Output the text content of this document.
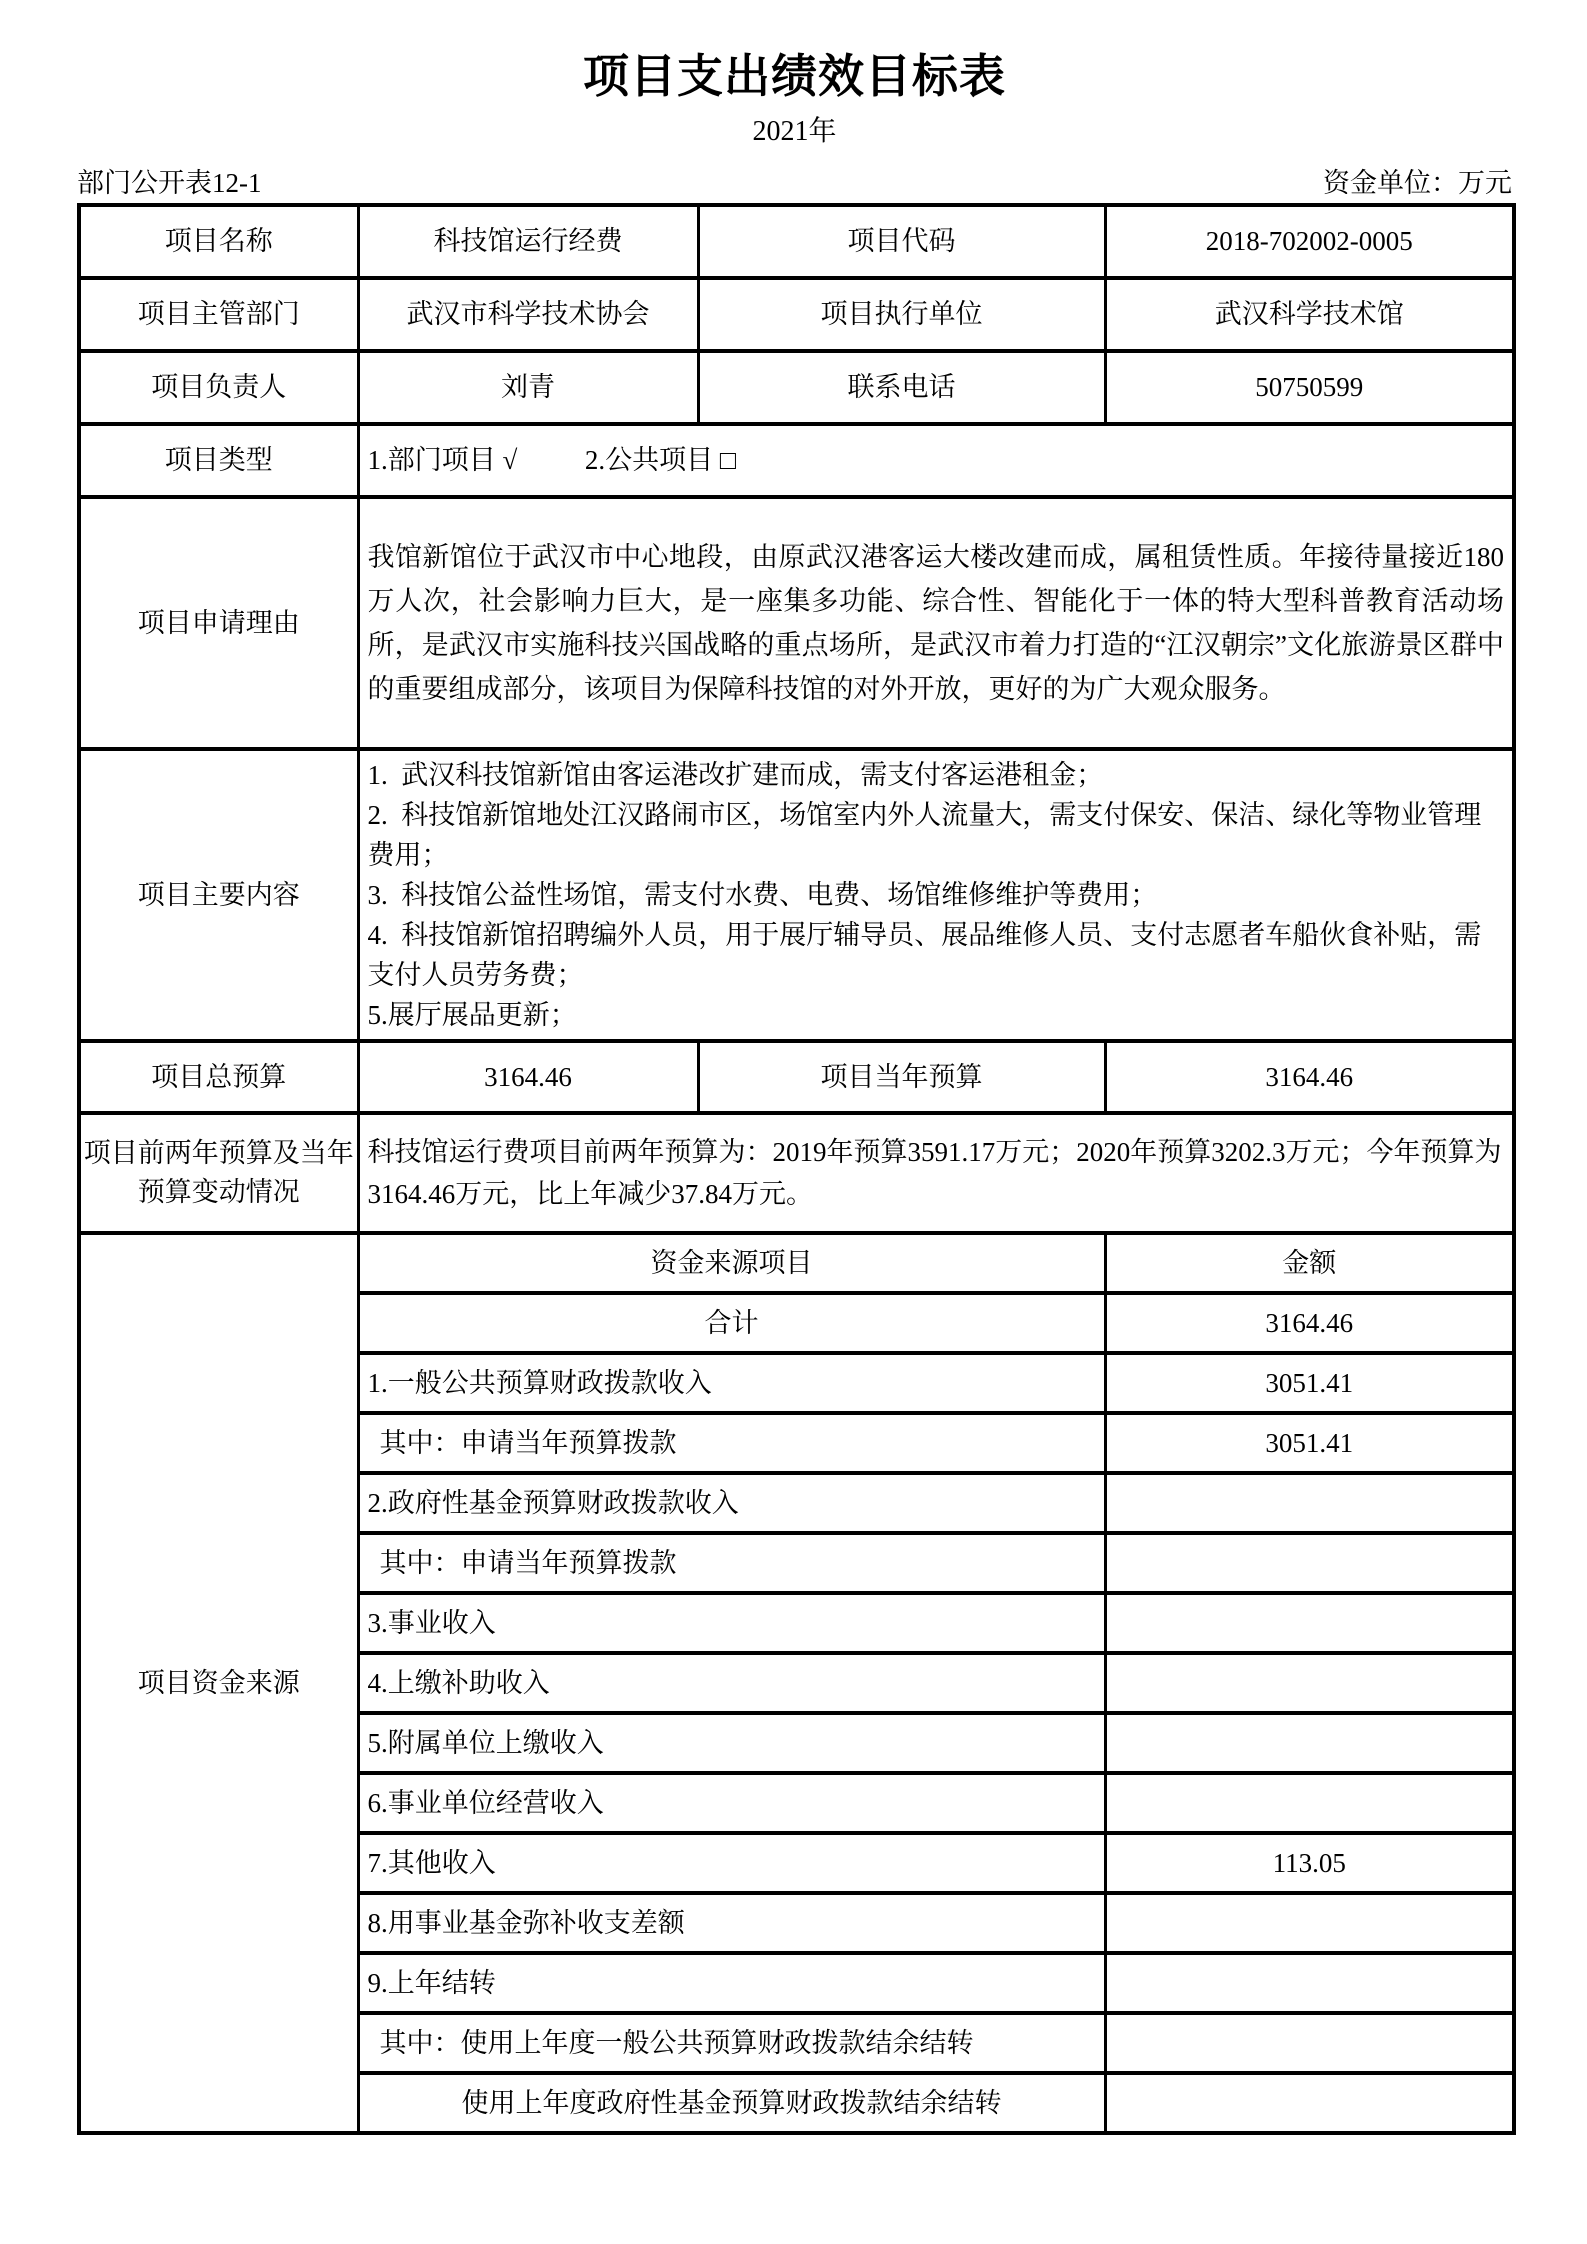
项目支出绩效目标表
2021年
部门公开表12-1	资金单位：万元
项目名称	科技馆运行经费	项目代码	2018-702002-0005
项目主管部门	武汉市科学技术协会	项目执行单位	武汉科学技术馆
项目负责人	刘青	联系电话	50750599
项目类型	1.部门项目 √          2.公共项目 □		
项目申请理由	我馆新馆位于武汉市中心地段，由原武汉港客运大楼改建而成，属租赁性质。年接待量接近180万人次，社会影响力巨大，是一座集多功能、综合性、智能化于一体的特大型科普教育活动场所，是武汉市实施科技兴国战略的重点场所，是武汉市着力打造的“江汉朝宗”文化旅游景区群中的重要组成部分，该项目为保障科技馆的对外开放，更好的为广大观众服务。		
项目主要内容	1.  武汉科技馆新馆由客运港改扩建而成，需支付客运港租金；
2.  科技馆新馆地处江汉路闹市区，场馆室内外人流量大，需支付保安、保洁、绿化等物业管理费用；
3.  科技馆公益性场馆，需支付水费、电费、场馆维修维护等费用；
4.  科技馆新馆招聘编外人员，用于展厅辅导员、展品维修人员、支付志愿者车船伙食补贴，需支付人员劳务费；
5.展厅展品更新；		

项目总预算	3164.46	项目当年预算	3164.46
项目前两年预算及当年预算变动情况	科技馆运行费项目前两年预算为：2019年预算3591.17万元；2020年预算3202.3万元；今年预算为3164.46万元，比上年减少37.84万元。		
项目资金来源	资金来源项目		金额
	合计		3164.46
	1.一般公共预算财政拨款收入		3051.41
	其中：申请当年预算拨款		3051.41
	2.政府性基金预算财政拨款收入		
	其中：申请当年预算拨款		
	3.事业收入		
	4.上缴补助收入		
	5.附属单位上缴收入		
	6.事业单位经营收入		
	7.其他收入		113.05
	8.用事业基金弥补收支差额		
	9.上年结转		
	其中：使用上年度一般公共预算财政拨款结余结转		
	使用上年度政府性基金预算财政拨款结余结转		
